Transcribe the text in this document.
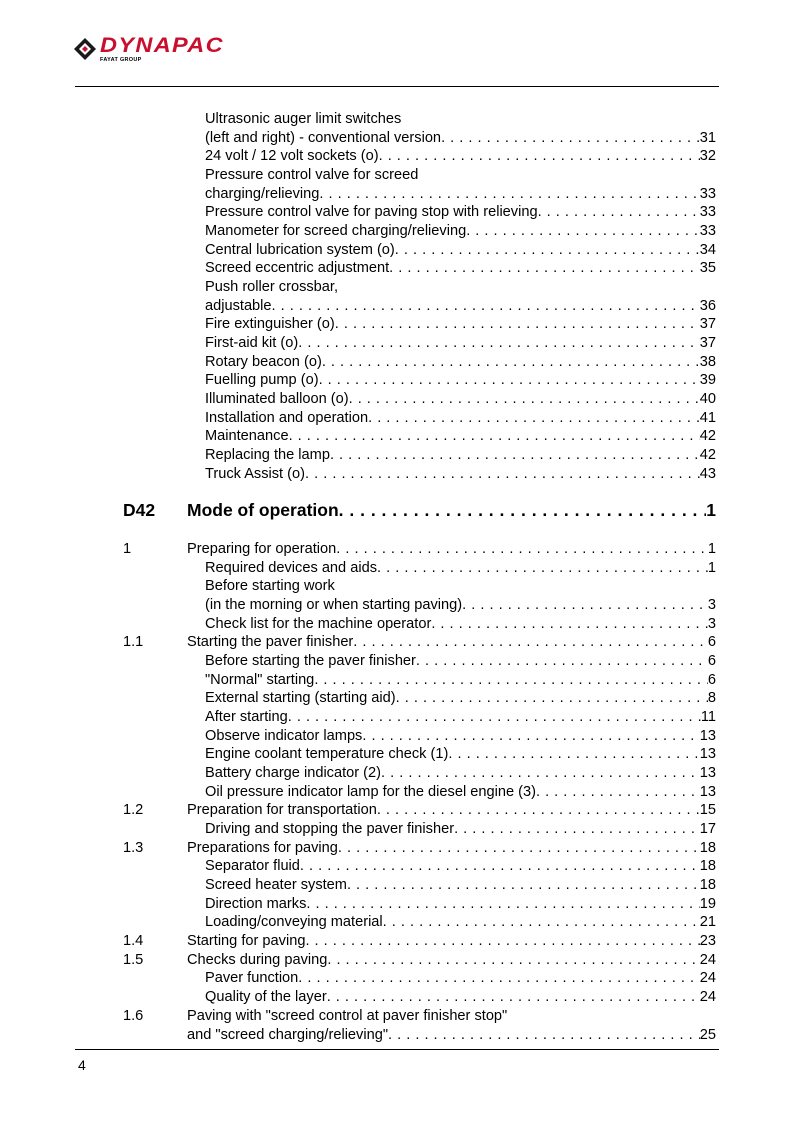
DYNAPAC
FAYAT GROUP
Ultrasonic auger limit switches
(left and right) - conventional version . . .	31
24 volt / 12 volt sockets (o) . . .	32
Pressure control valve for screed
charging/relieving . . .	33
Pressure control valve for paving stop with relieving . . .	33
Manometer for screed charging/relieving . . .	33
Central lubrication system (o) . . .	34
Screed eccentric adjustment . . .	35
Push roller crossbar,
adjustable . . .	36
Fire extinguisher (o) . . .	37
First-aid kit (o) . . .	37
Rotary beacon (o) . . .	38
Fuelling pump (o) . . .	39
Illuminated balloon (o) . . .	40
Installation and operation . . .	41
Maintenance . . .	42
Replacing the lamp . . .	42
Truck Assist (o) . . .	43
D42 Mode of operation . . .	1
1	Preparing for operation . . .	1
Required devices and aids . . .	1
Before starting work
(in the morning or when starting paving) . . .	3
Check list for the machine operator . . .	3
1.1	Starting the paver finisher . . .	6
Before starting the paver finisher . . .	6
"Normal" starting . . .	6
External starting (starting aid) . . .	8
After starting . . .	11
Observe indicator lamps . . .	13
Engine coolant temperature check (1) . . .	13
Battery charge indicator (2) . . .	13
Oil pressure indicator lamp for the diesel engine (3) . . .	13
1.2	Preparation for transportation . . .	15
Driving and stopping the paver finisher . . .	17
1.3	Preparations for paving . . .	18
Separator fluid . . .	18
Screed heater system . . .	18
Direction marks . . .	19
Loading/conveying material . . .	21
1.4	Starting for paving . . .	23
1.5	Checks during paving . . .	24
Paver function . . .	24
Quality of the layer . . .	24
1.6	Paving with "screed control at paver finisher stop"
and "screed charging/relieving" . . .	25
4
